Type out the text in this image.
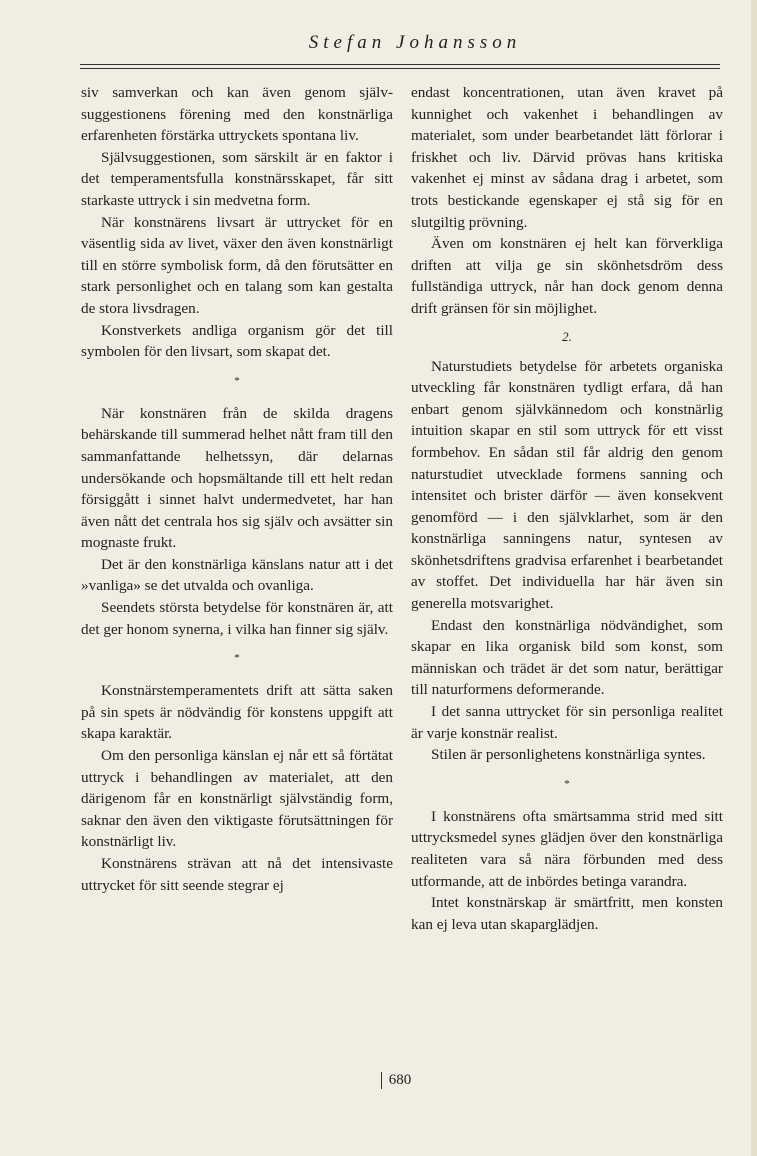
Stefan Johansson

siv samverkan och kan även genom självsuggestionens förening med den konstnärliga erfarenheten förstärka uttryckets spontana liv.

Självsuggestionen, som särskilt är en faktor i det temperamentsfulla konstnärsskapet, får sitt starkaste uttryck i sin medvetna form.

När konstnärens livsart är uttrycket för en väsentlig sida av livet, växer den även konstnärligt till en större symbolisk form, då den förutsätter en stark personlighet och en talang som kan gestalta de stora livsdragen.

Konstverkets andliga organism gör det till symbolen för den livsart, som skapat det.

*

När konstnären från de skilda dragens behärskande till summerad helhet nått fram till den sammanfattande helhetssyn, där delarnas undersökande och hopsmältande till ett helt redan försiggått i sinnet halvt undermedvetet, har han även nått det centrala hos sig själv och avsätter sin mognaste frukt.

Det är den konstnärliga känslans natur att i det »vanliga» se det utvalda och ovanliga.

Seendets största betydelse för konstnären är, att det ger honom synerna, i vilka han finner sig själv.

*

Konstnärstemperamentets drift att sätta saken på sin spets är nödvändig för konstens uppgift att skapa karaktär.

Om den personliga känslan ej når ett så förtätat uttryck i behandlingen av materialet, att den därigenom får en konstnärligt självständig form, saknar den även den viktigaste förutsättningen för konstnärligt liv.

Konstnärens strävan att nå det intensivaste uttrycket för sitt seende stegrar ej

endast koncentrationen, utan även kravet på kunnighet och vakenhet i behandlingen av materialet, som under bearbetandet lätt förlorar i friskhet och liv. Därvid prövas hans kritiska vakenhet ej minst av sådana drag i arbetet, som trots bestickande egenskaper ej stå sig för en slutgiltig prövning.

Även om konstnären ej helt kan förverkliga driften att vilja ge sin skönhetsdröm dess fullständiga uttryck, når han dock genom denna drift gränsen för sin möjlighet.

2.

Naturstudiets betydelse för arbetets organiska utveckling får konstnären tydligt erfara, då han enbart genom självkännedom och konstnärlig intuition skapar en stil som uttryck för ett visst formbehov. En sådan stil får aldrig den genom naturstudiet utvecklade formens sanning och intensitet och brister därför — även konsekvent genomförd — i den självklarhet, som är den konstnärliga sanningens natur, syntesen av skönhetsdriftens gradvisa erfarenhet i bearbetandet av stoffet. Det individuella har här även sin generella motsvarighet.

Endast den konstnärliga nödvändighet, som skapar en lika organisk bild som konst, som människan och trädet är det som natur, berättigar till naturformens deformerande.

I det sanna uttrycket för sin personliga realitet är varje konstnär realist.

Stilen är personlighetens konstnärliga syntes.

*

I konstnärens ofta smärtsamma strid med sitt uttrycksmedel synes glädjen över den konstnärliga realiteten vara så nära förbunden med dess utformande, att de inbördes betinga varandra.

Intet konstnärskap är smärtfritt, men konsten kan ej leva utan skaparglädjen.

680
